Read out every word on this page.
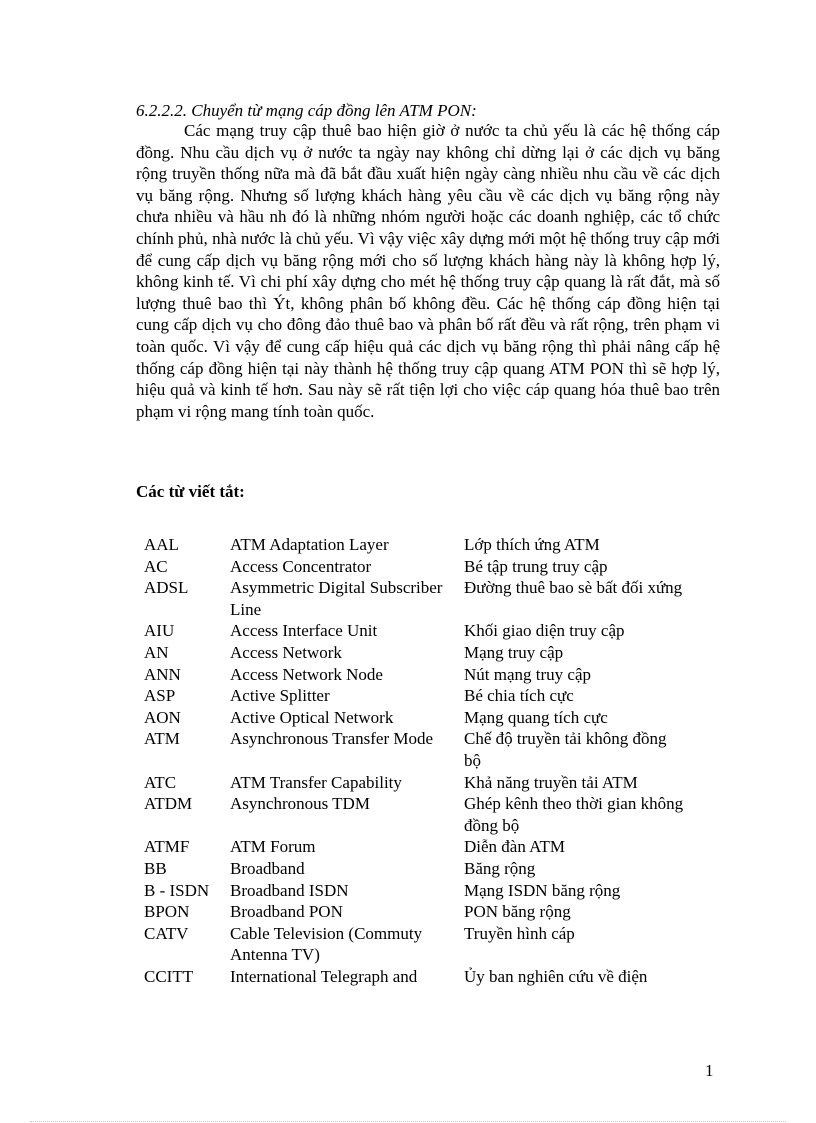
6.2.2.2. Chuyển từ mạng cáp đồng lên ATM PON:

Các mạng truy cập thuê bao hiện giờ ở nước ta chủ yếu là các hệ thống cáp đồng. Nhu cầu dịch vụ ở nước ta ngày nay không chỉ dừng lại ở các dịch vụ băng rộng truyền thống nữa mà đã bắt đầu xuất hiện ngày càng nhiều nhu cầu về các dịch vụ băng rộng. Nhưng số lượng khách hàng yêu cầu về các dịch vụ băng rộng này chưa nhiều và hầu nh đó là những nhóm người hoặc các doanh nghiệp, các tổ chức chính phủ, nhà nước là chủ yếu. Vì vậy việc xây dựng mới một hệ thống truy cập mới để cung cấp dịch vụ băng rộng mới cho số lượng khách hàng này là không hợp lý, không kinh tế. Vì chi phí xây dựng cho mét hệ thống truy cập quang là rất đắt, mà số lượng thuê bao thì Ýt, không phân bố không đều. Các hệ thống cáp đồng hiện tại cung cấp dịch vụ cho đông đảo thuê bao và phân bố rất đều và rất rộng, trên phạm vi toàn quốc. Vì vậy để cung cấp hiệu quả các dịch vụ băng rộng thì phải nâng cấp hệ thống cáp đồng hiện tại này thành hệ thống truy cập quang ATM PON thì sẽ hợp lý, hiệu quả và kinh tế hơn. Sau này sẽ rất tiện lợi cho việc cáp quang hóa thuê bao trên phạm vi rộng mang tính toàn quốc.

Các từ viết tắt:
AAL	ATM Adaptation Layer	Lớp thích ứng ATM
AC	Access Concentrator	Bé tập trung truy cập
ADSL	Asymmetric Digital Subscriber Line	Đường thuê bao sè bất đối xứng
AIU	Access Interface Unit	Khối giao diện truy cập
AN	Access Network	Mạng truy cập
ANN	Access Network Node	Nút mạng truy cập
ASP	Active Splitter	Bé chia tích cực
AON	Active Optical Network	Mạng quang tích cực
ATM	Asynchronous Transfer Mode	Chế độ truyền tải không đồng bộ
ATC	ATM Transfer Capability	Khả năng truyền tải ATM
ATDM	Asynchronous TDM	Ghép kênh theo thời gian không đồng bộ
ATMF	ATM Forum	Diễn đàn ATM
BB	Broadband	Băng rộng
B - ISDN	Broadband ISDN	Mạng ISDN băng rộng
BPON	Broadband PON	PON băng rộng
CATV	Cable Television (Commuty Antenna TV)	Truyền hình cáp
CCITT	International Telegraph and	Ủy ban nghiên cứu về điện
1
